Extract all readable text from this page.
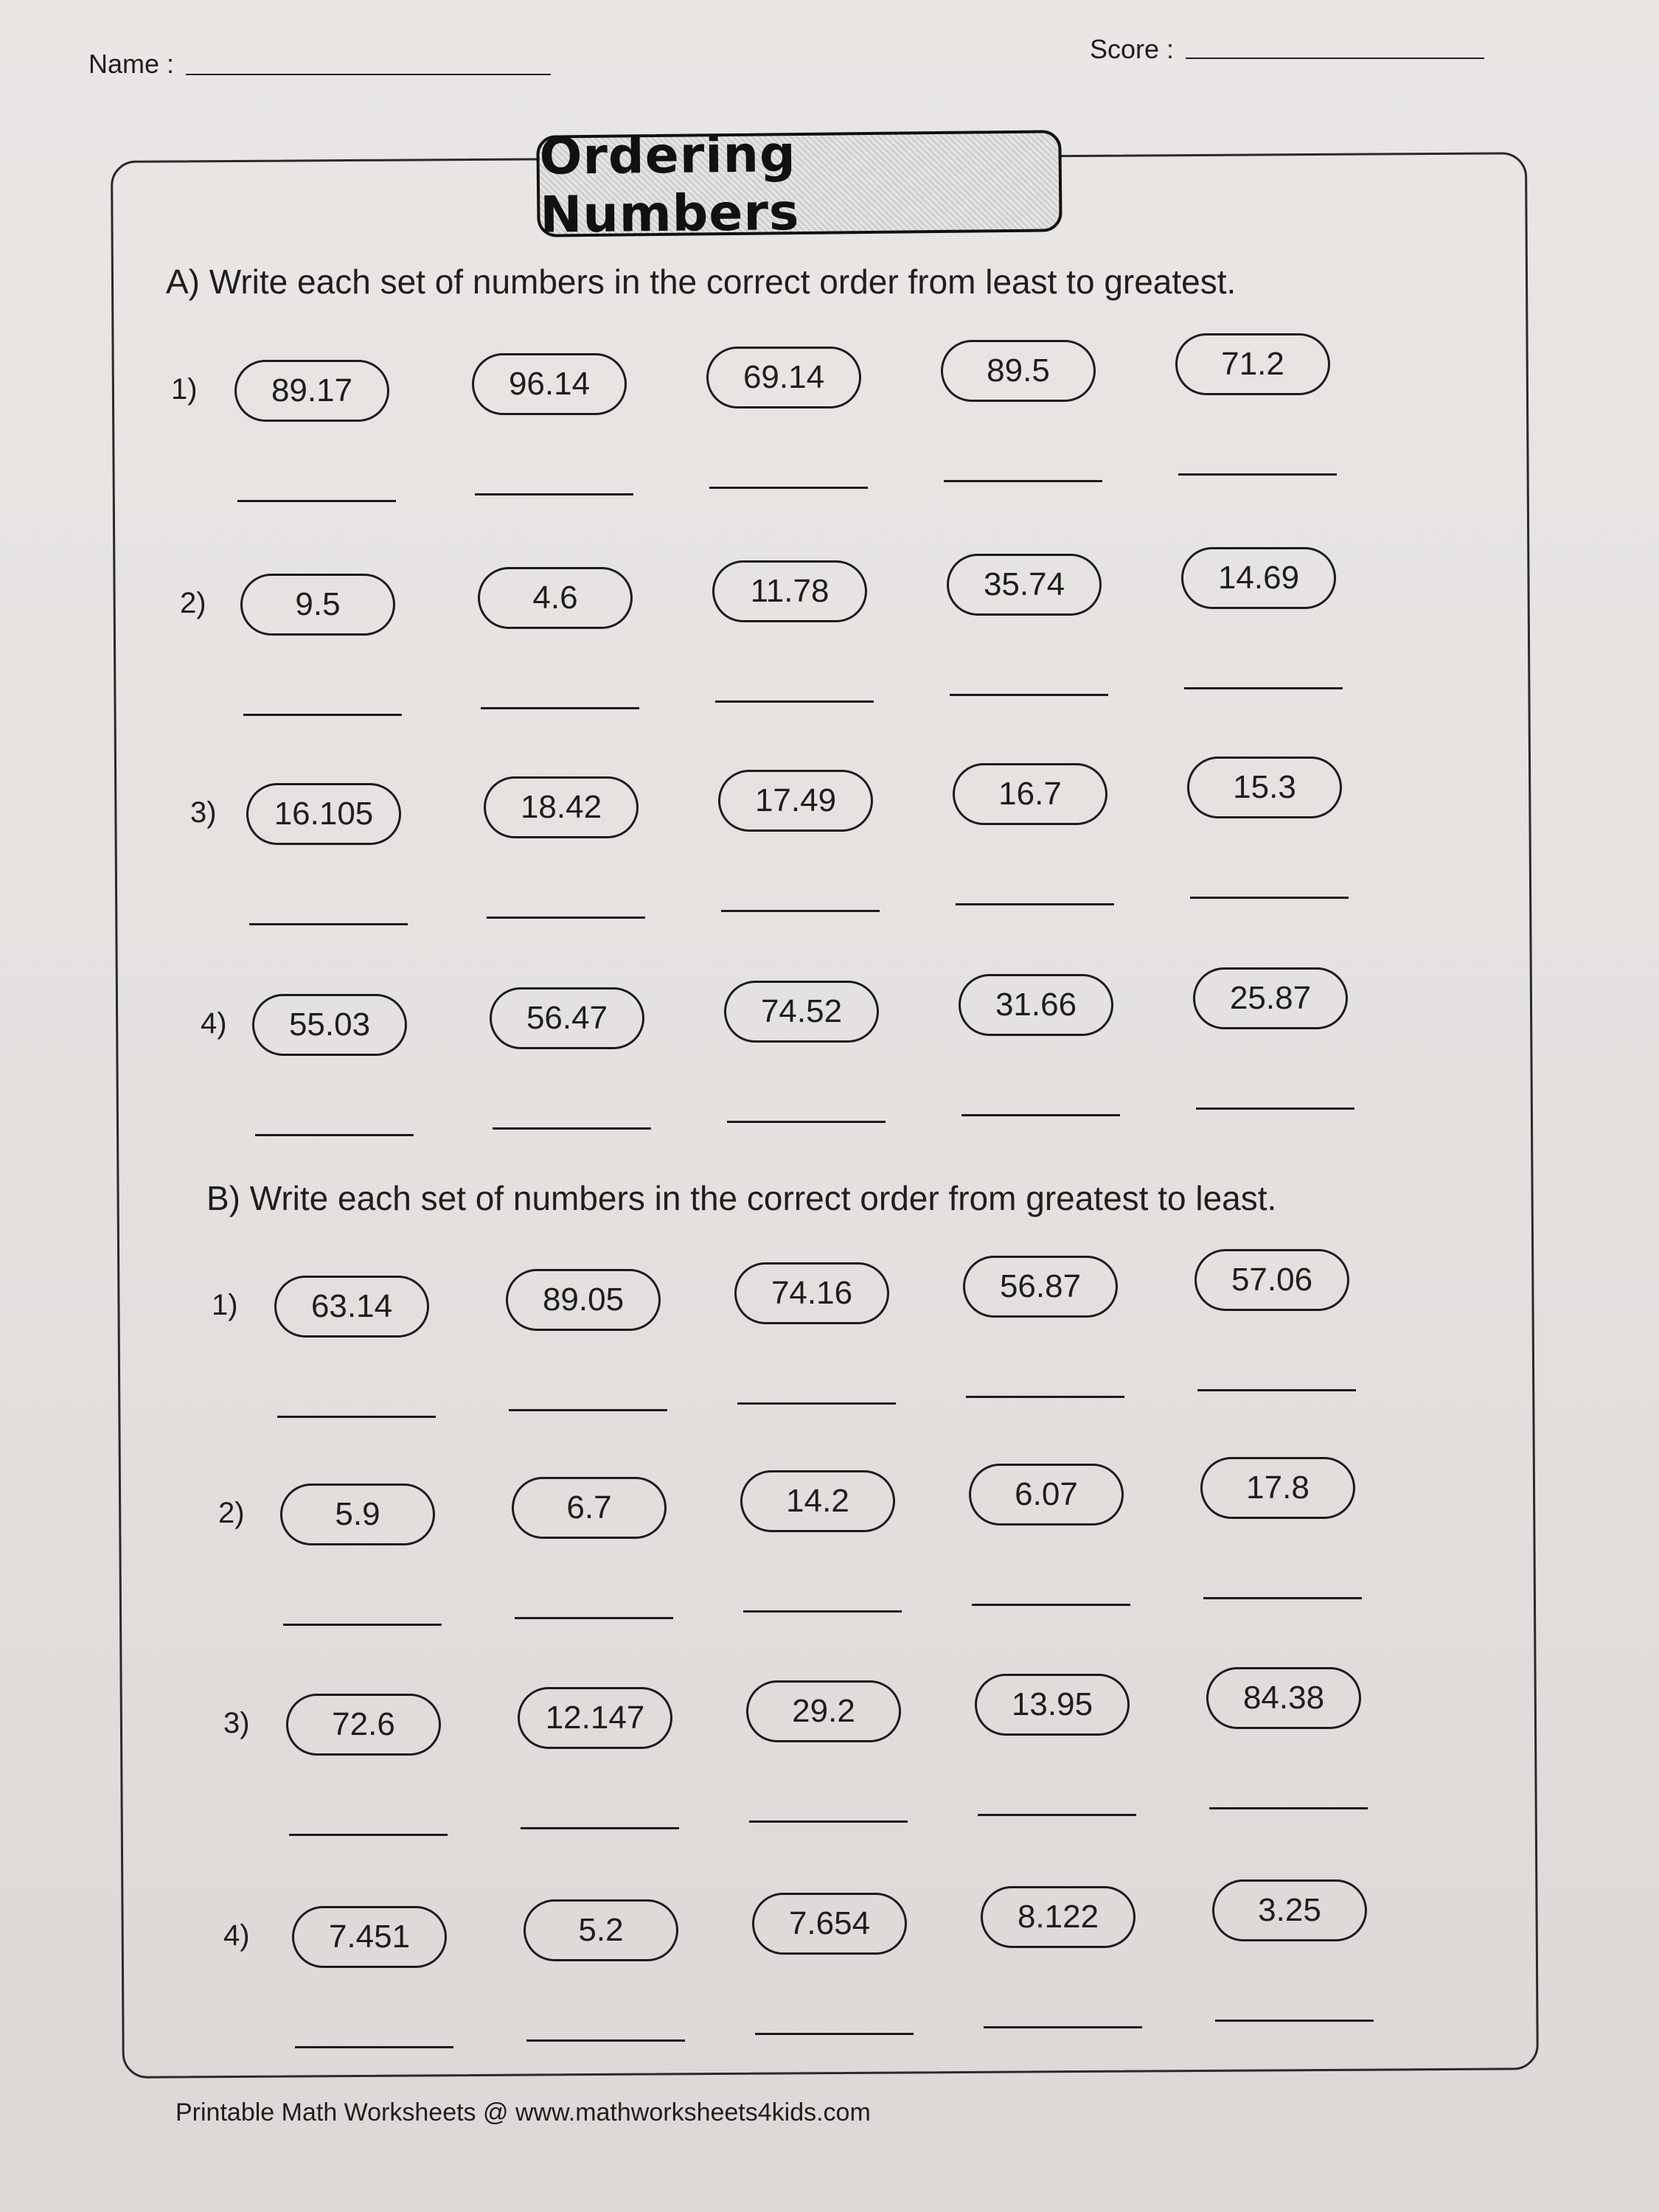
Name :	Score :
Ordering Numbers
A) Write each set of numbers in the correct order from least to greatest.
1)	89.17	96.14	69.14	89.5	71.2
2)	9.5	4.6	11.78	35.74	14.69
3)	16.105	18.42	17.49	16.7	15.3
4)	55.03	56.47	74.52	31.66	25.87
B) Write each set of numbers in the correct order from greatest to least.
1)	63.14	89.05	74.16	56.87	57.06
2)	5.9	6.7	14.2	6.07	17.8
3)	72.6	12.147	29.2	13.95	84.38
4)	7.451	5.2	7.654	8.122	3.25
Printable Math Worksheets @ www.mathworksheets4kids.com
